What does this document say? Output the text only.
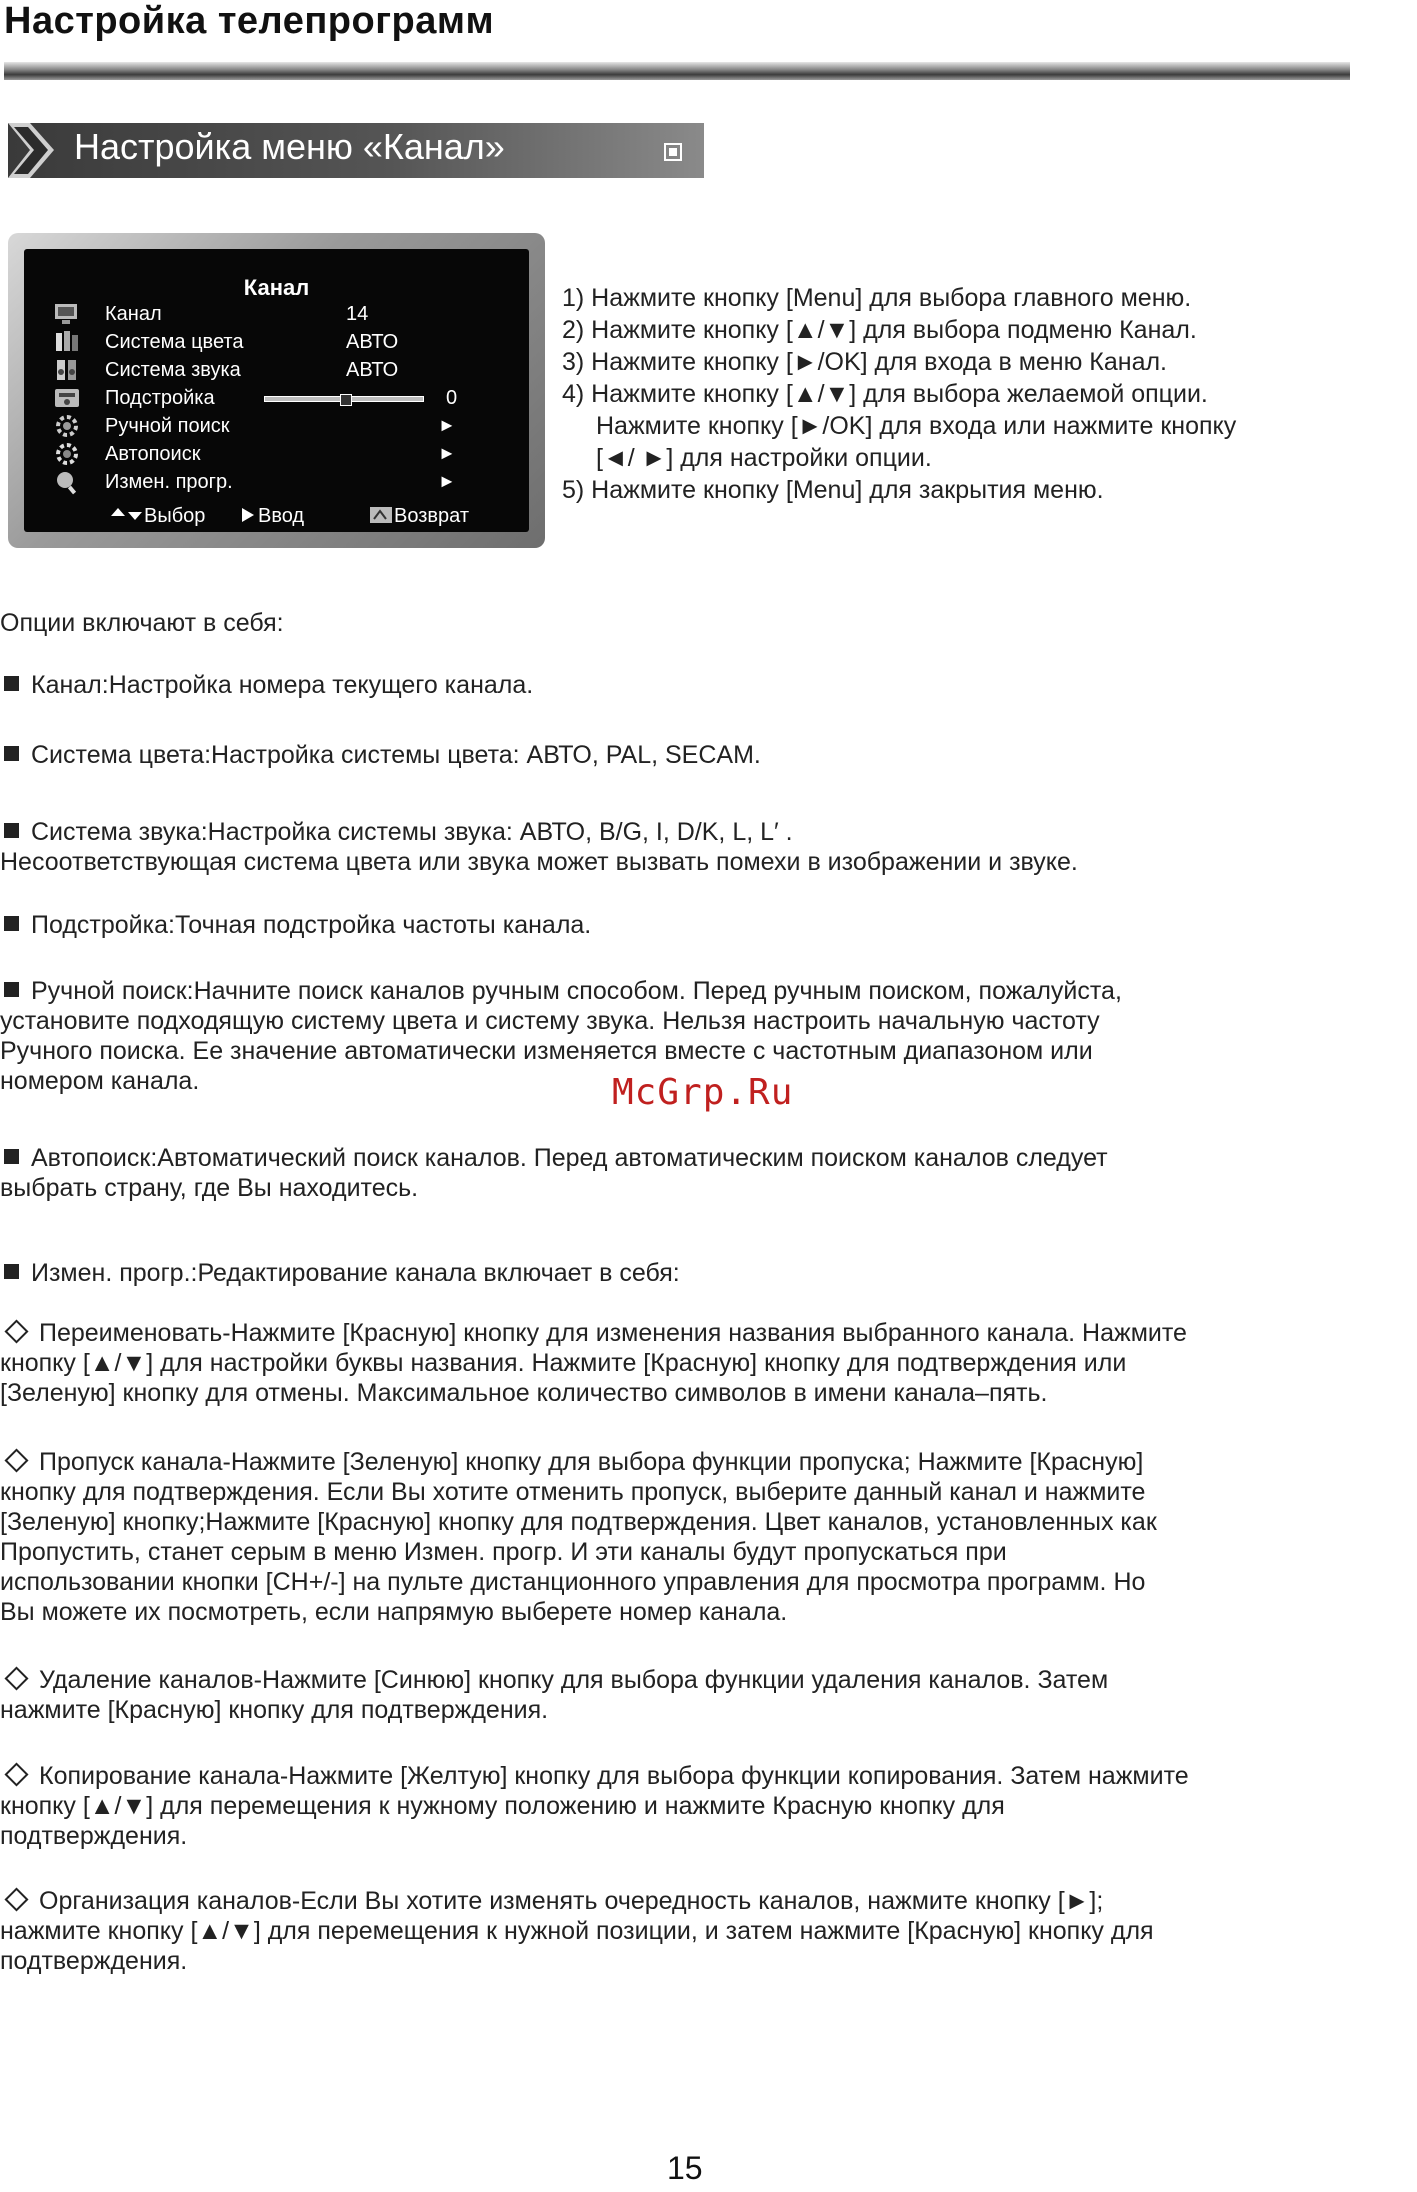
Настройка телепрограмм
Настройка меню «Канал»
Канал
Канал	14
Система цвета	АВТО
Система звука	АВТО
Подстройка	0
Ручной поиск	►
Автопоиск	►
Измен. прогр.	►
Выбор	Ввод	Возврат
1) Нажмите кнопку [Menu] для выбора главного меню.
2) Нажмите кнопку [▲/▼] для выбора подменю Канал.
3) Нажмите кнопку [►/OK] для входа в меню Канал.
4) Нажмите кнопку [▲/▼] для выбора желаемой опции.
Нажмите кнопку [►/OK] для входа или нажмите кнопку
[◄/ ►] для настройки опции.
5) Нажмите кнопку [Menu] для закрытия меню.

Опции включают в себя:

Канал:Настройка номера текущего канала.

Система цвета:Настройка системы цвета: АВТО, PAL, SECAM.

Система звука:Настройка системы звука: АВТО, B/G, I, D/K, L, L′ .

Несоответствующая система цвета или звука может вызвать помехи в изображении и звуке.

Подстройка:Точная подстройка частоты канала.

Ручной поиск:Начните поиск каналов ручным способом. Перед ручным поиском, пожалуйста,

установите подходящую систему цвета и систему звука. Нельзя настроить начальную частоту

Ручного поиска. Ее значение автоматически изменяется вместе с частотным диапазоном или

номером канала.

Автопоиск:Автоматический поиск каналов. Перед автоматическим поиском каналов следует

выбрать страну, где Вы находитесь.

Измен. прогр.:Редактирование канала включает в себя:

Переименовать-Нажмите [Красную] кнопку для изменения названия выбранного канала. Нажмите

кнопку [▲/▼] для настройки буквы названия. Нажмите [Красную] кнопку для подтверждения или

[Зеленую] кнопку для отмены. Максимальное количество символов в имени канала–пять.

Пропуск канала-Нажмите [Зеленую] кнопку для выбора функции пропуска; Нажмите [Красную]

кнопку для подтверждения. Если Вы хотите отменить пропуск, выберите данный канал и нажмите

[Зеленую] кнопку;Нажмите [Красную] кнопку для подтверждения. Цвет каналов, установленных как

Пропустить, станет серым в меню Измен. прогр. И эти каналы будут пропускаться при

использовании кнопки [CH+/-] на пульте дистанционного управления для просмотра программ. Но

Вы можете их посмотреть, если напрямую выберете номер канала.

Удаление каналов-Нажмите [Синюю] кнопку для выбора функции удаления каналов. Затем

нажмите [Красную] кнопку для подтверждения.

Копирование канала-Нажмите [Желтую] кнопку для выбора функции копирования. Затем нажмите

кнопку [▲/▼] для перемещения к нужному положению и нажмите Красную кнопку для

подтверждения.

Организация каналов-Если Вы хотите изменять очередность каналов, нажмите кнопку [►];

нажмите кнопку [▲/▼] для перемещения к нужной позиции, и затем нажмите [Красную] кнопку для

подтверждения.

McGrp.Ru
15
